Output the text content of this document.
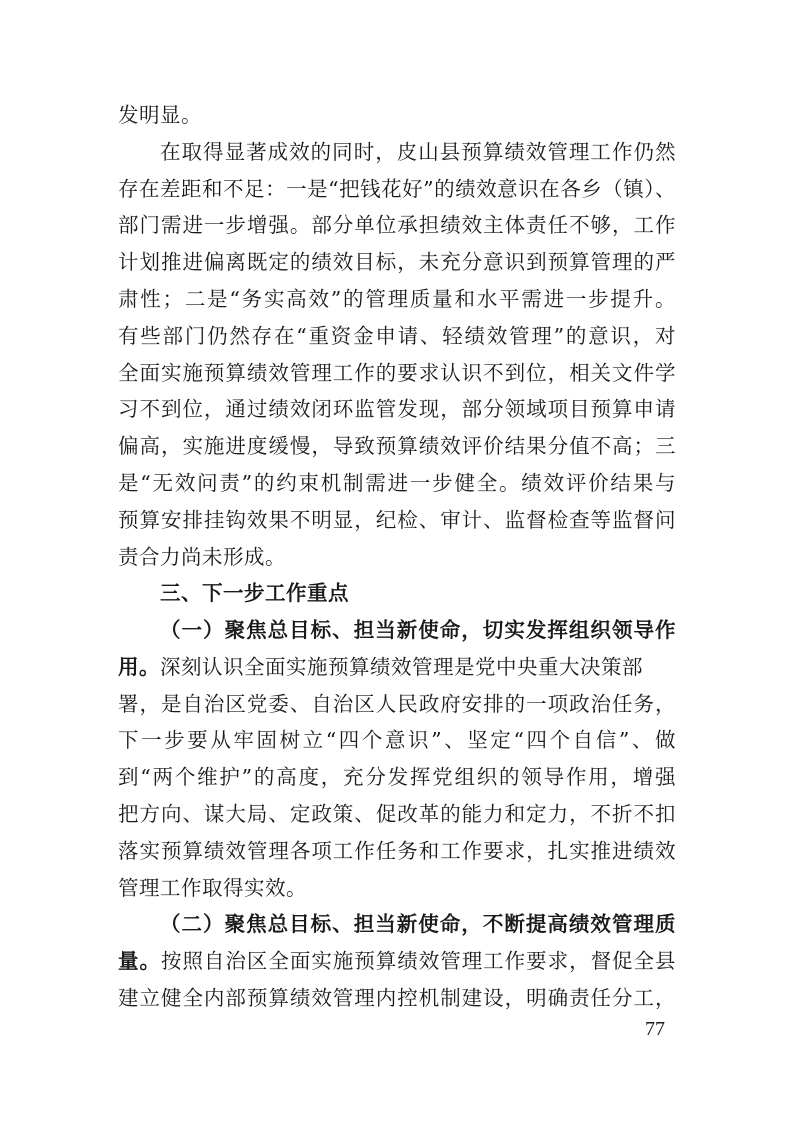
发明显。
在取得显著成效的同时，皮山县预算绩效管理工作仍然
存在差距和不足：一是“把钱花好”的绩效意识在各乡（镇）、
部门需进一步增强。部分单位承担绩效主体责任不够，工作
计划推进偏离既定的绩效目标，未充分意识到预算管理的严
肃性；二是“务实高效”的管理质量和水平需进一步提升。
有些部门仍然存在“重资金申请、轻绩效管理”的意识，对
全面实施预算绩效管理工作的要求认识不到位，相关文件学
习不到位，通过绩效闭环监管发现，部分领域项目预算申请
偏高，实施进度缓慢，导致预算绩效评价结果分值不高；三
是“无效问责”的约束机制需进一步健全。绩效评价结果与
预算安排挂钩效果不明显，纪检、审计、监督检查等监督问
责合力尚未形成。
三、下一步工作重点
（一）聚焦总目标、担当新使命，切实发挥组织领导作
用。深刻认识全面实施预算绩效管理是党中央重大决策部
署，是自治区党委、自治区人民政府安排的一项政治任务，
下一步要从牢固树立“四个意识”、坚定“四个自信”、做
到“两个维护”的高度，充分发挥党组织的领导作用，增强
把方向、谋大局、定政策、促改革的能力和定力，不折不扣
落实预算绩效管理各项工作任务和工作要求，扎实推进绩效
管理工作取得实效。
（二）聚焦总目标、担当新使命，不断提高绩效管理质
量。按照自治区全面实施预算绩效管理工作要求，督促全县
建立健全内部预算绩效管理内控机制建设，明确责任分工，
77
